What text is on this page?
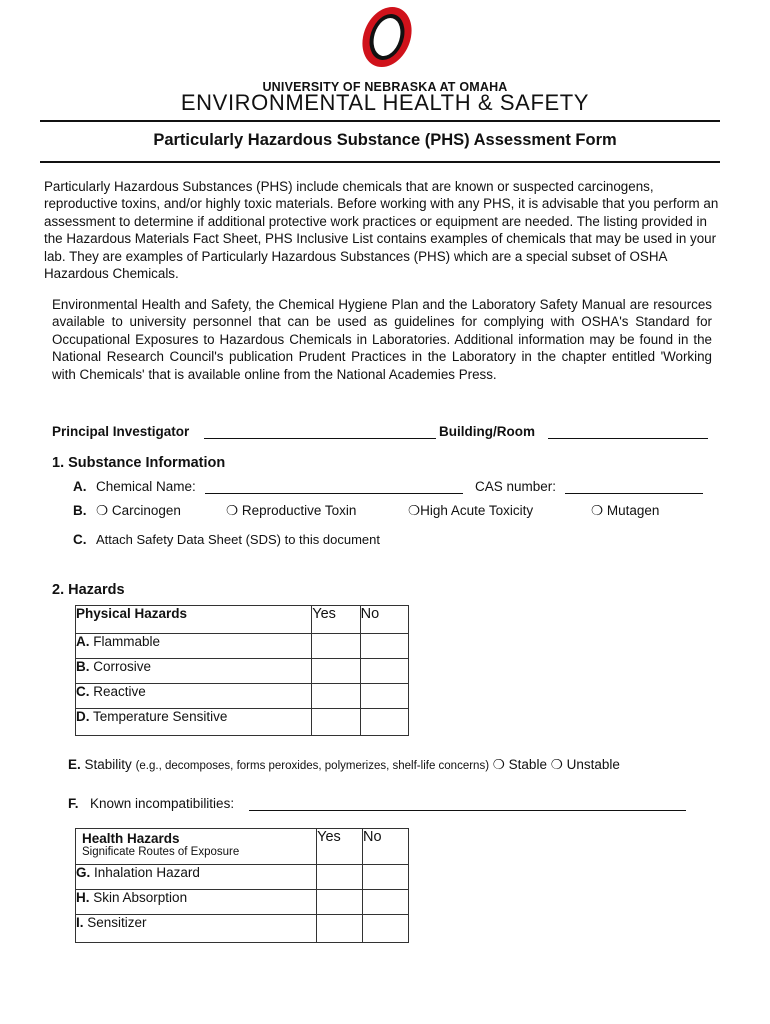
UNIVERSITY OF NEBRASKA AT OMAHA
ENVIRONMENTAL HEALTH & SAFETY
Particularly Hazardous Substance (PHS) Assessment Form
Particularly Hazardous Substances (PHS) include chemicals that are known or suspected carcinogens, reproductive toxins, and/or highly toxic materials. Before working with any PHS, it is advisable that you perform an assessment to determine if additional protective work practices or equipment are needed. The listing provided in the Hazardous Materials Fact Sheet, PHS Inclusive List contains examples of chemicals that may be used in your lab. They are examples of Particularly Hazardous Substances (PHS) which are a special subset of OSHA Hazardous Chemicals.
Environmental Health and Safety, the Chemical Hygiene Plan and the Laboratory Safety Manual are resources available to university personnel that can be used as guidelines for complying with OSHA's Standard for Occupational Exposures to Hazardous Chemicals in Laboratories. Additional information may be found in the National Research Council's publication Prudent Practices in the Laboratory in the chapter entitled 'Working with Chemicals' that is available online from the National Academies Press.
Principal Investigator	Building/Room
1. Substance Information
A. Chemical Name:	CAS number:
B. ❍ Carcinogen	❍ Reproductive Toxin	❍High Acute Toxicity	❍ Mutagen
C. Attach Safety Data Sheet (SDS) to this document
2. Hazards
Physical Hazards	Yes	No
A. Flammable		
B. Corrosive		
C. Reactive		
D. Temperature Sensitive		
E. Stability (e.g., decomposes, forms peroxides, polymerizes, shelf-life concerns) ❍ Stable ❍ Unstable
F. Known incompatibilities:
Health Hazards
Significate Routes of Exposure	Yes	No
G. Inhalation Hazard		
H. Skin Absorption		
I. Sensitizer		
